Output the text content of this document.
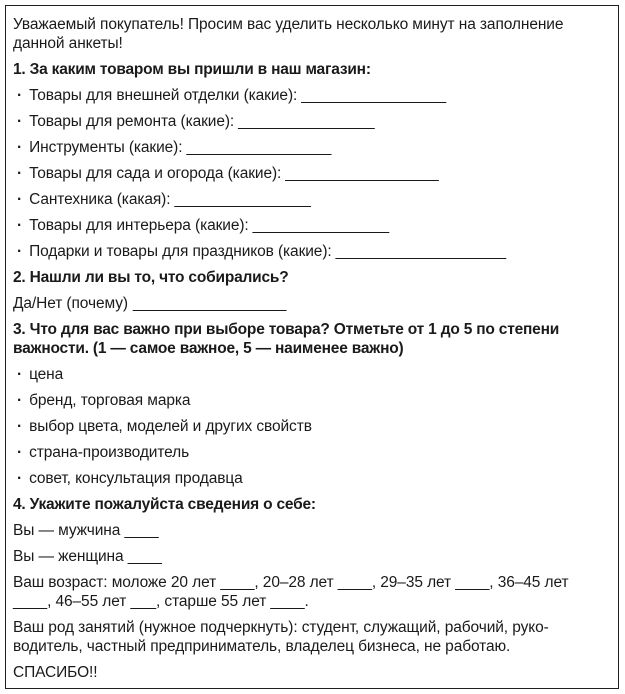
Уважаемый покупатель! Просим вас уделить несколько минут на заполнение
данной анкеты!
1. За каким товаром вы пришли в наш магазин:
· Товары для внешней отделки (какие): _________________
· Товары для ремонта (какие): ________________
· Инструменты (какие): _________________
· Товары для сада и огорода (какие): __________________
· Сантехника (какая): ________________
· Товары для интерьера (какие): ________________
· Подарки и товары для праздников (какие): ____________________
2. Нашли ли вы то, что собирались?
Да/Нет (почему) __________________
3. Что для вас важно при выборе товара? Отметьте от 1 до 5 по степени
важности. (1 — самое важное, 5 — наименее важно)
· цена
· бренд, торговая марка
· выбор цвета, моделей и других свойств
· страна-производитель
· совет, консультация продавца
4. Укажите пожалуйста сведения о себе:
Вы — мужчина ____
Вы — женщина ____
Ваш возраст: моложе 20 лет ____, 20–28 лет ____, 29–35 лет ____, 36–45 лет
____, 46–55 лет ___, старше 55 лет ____.
Ваш род занятий (нужное подчеркнуть): студент, служащий, рабочий, руко-
водитель, частный предприниматель, владелец бизнеса, не работаю.
СПАСИБО!!
